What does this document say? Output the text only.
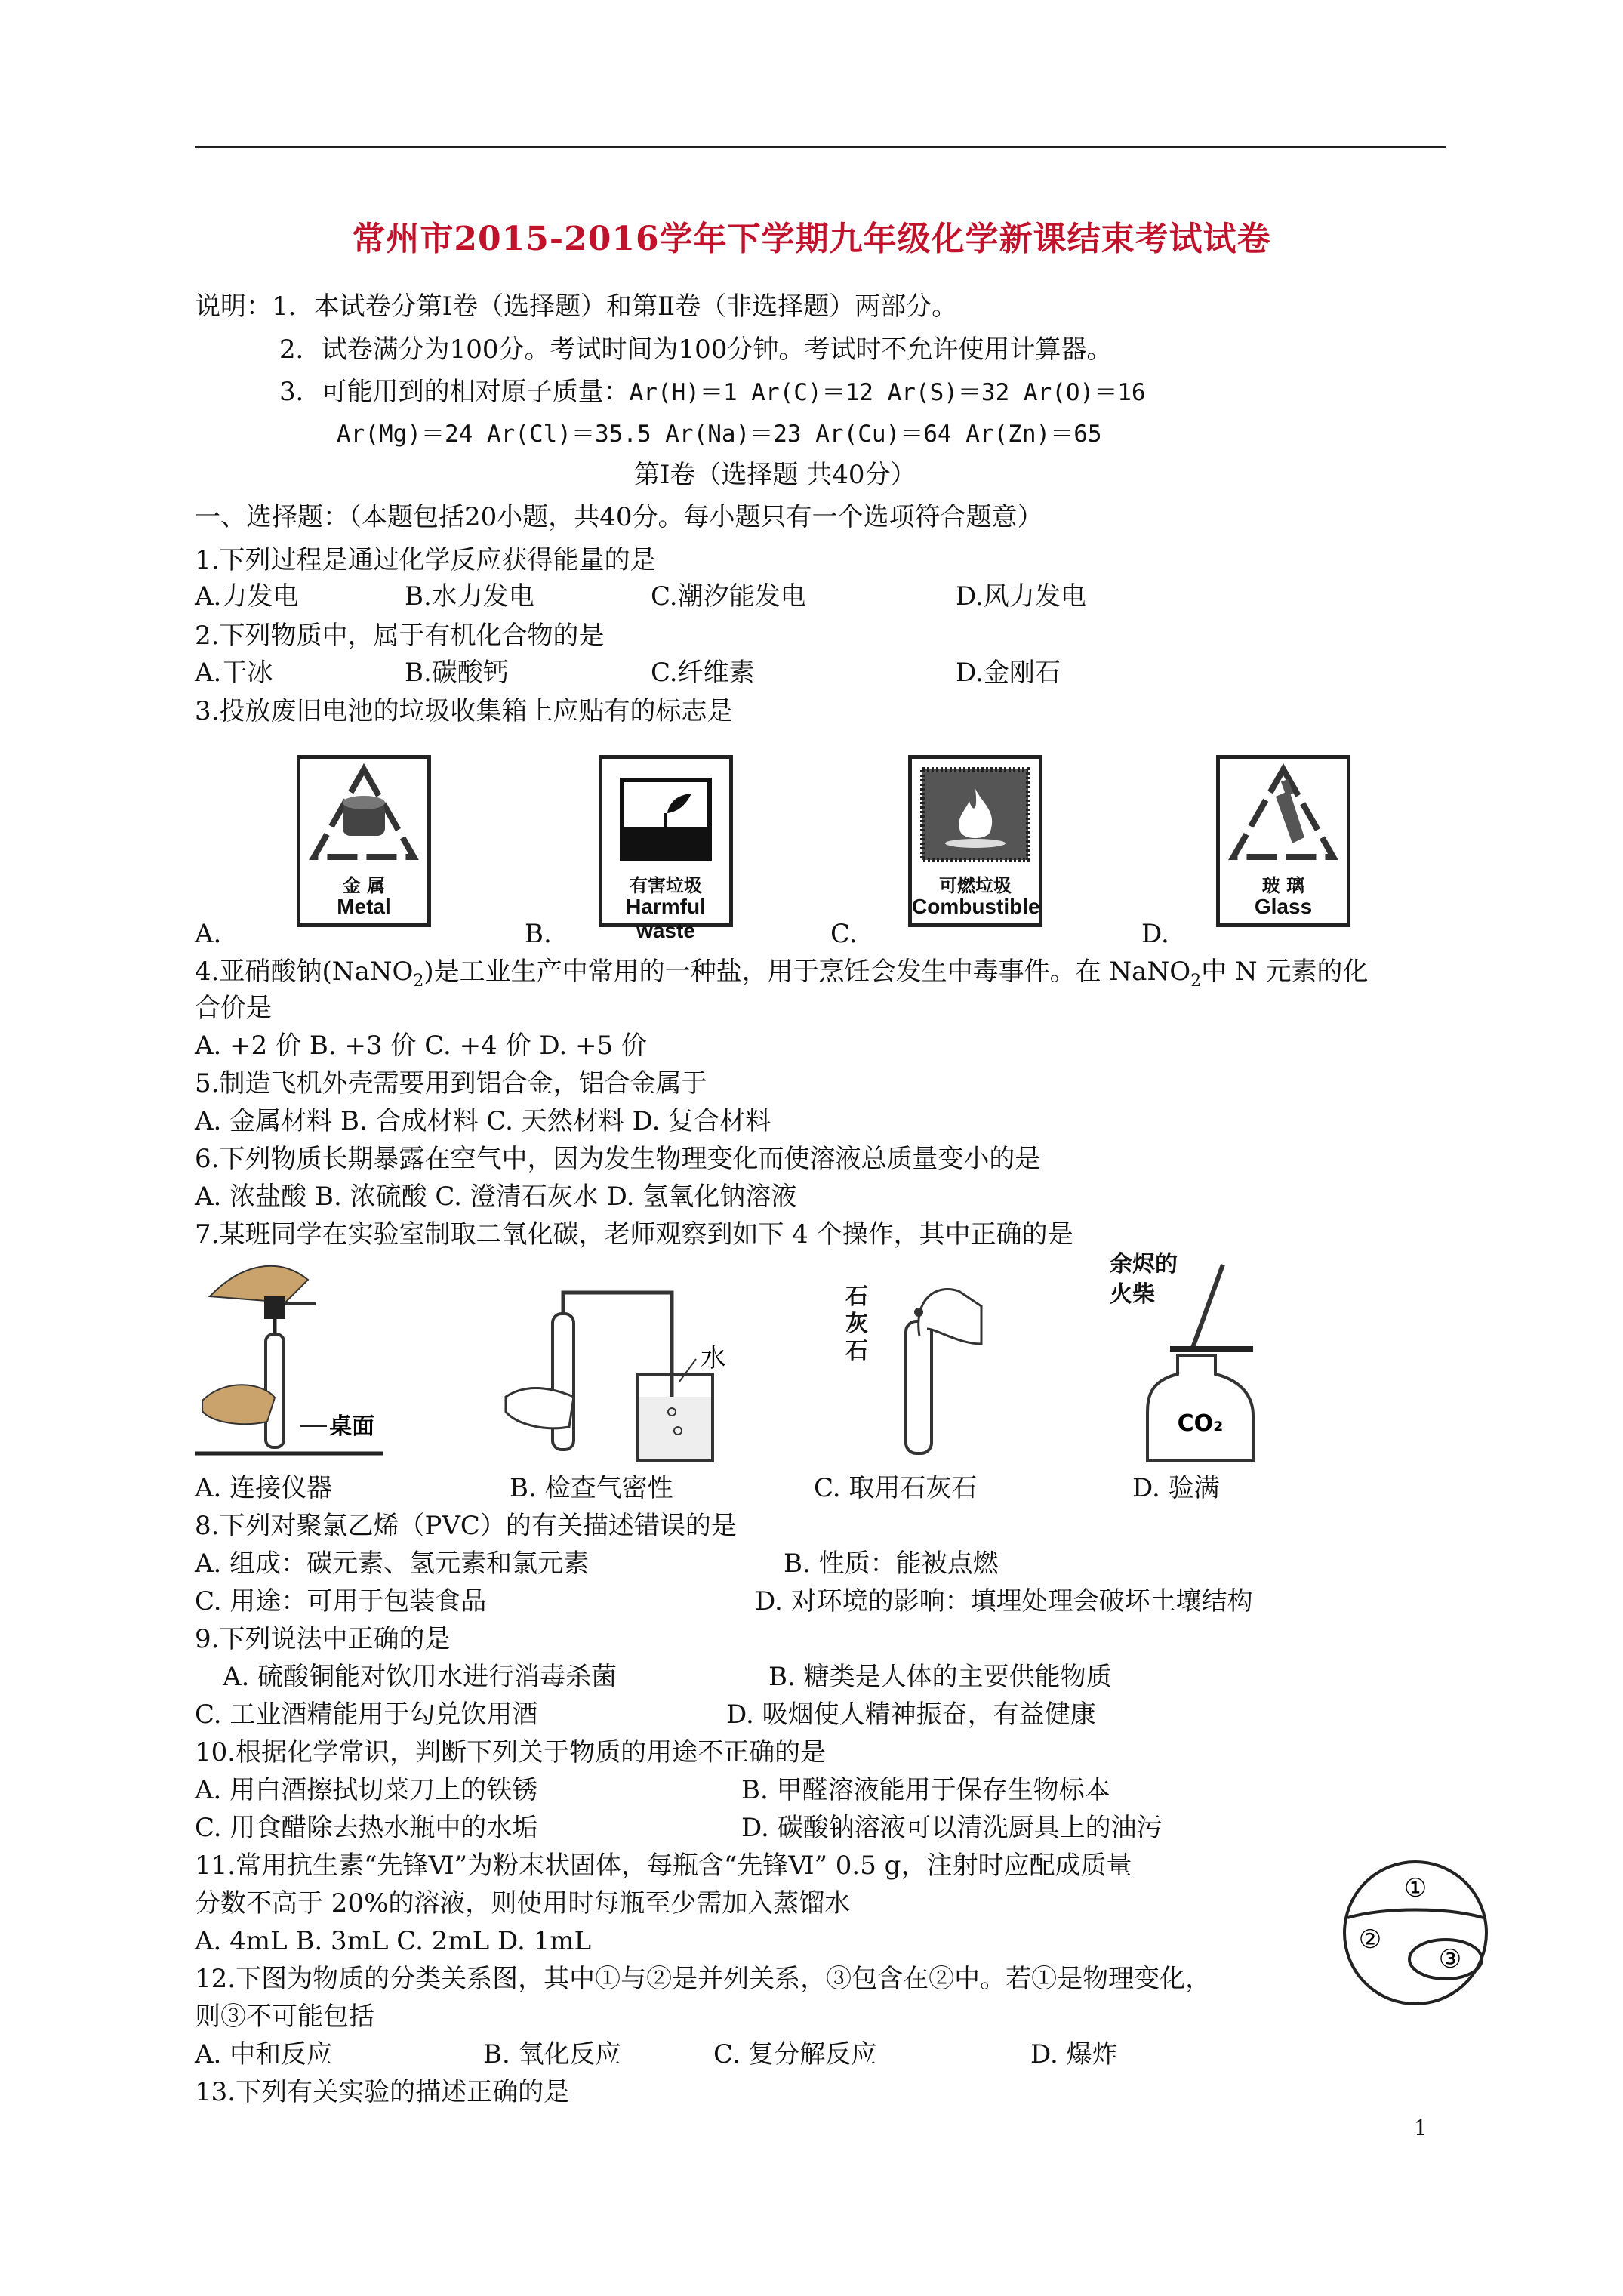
常州市2015-2016学年下学期九年级化学新课结束考试试卷
说明：1．本试卷分第Ⅰ卷（选择题）和第Ⅱ卷（非选择题）两部分。
2．试卷满分为100分。考试时间为100分钟。考试时不允许使用计算器。
3．可能用到的相对原子质量：Ar(H)＝1 Ar(C)＝12 Ar(S)＝32 Ar(O)＝16
Ar(Mg)＝24 Ar(Cl)＝35.5 Ar(Na)＝23 Ar(Cu)＝64 Ar(Zn)＝65
第Ⅰ卷（选择题 共40分）
一、选择题：（本题包括20小题，共40分。每小题只有一个选项符合题意）
1.下列过程是通过化学反应获得能量的是
A.力发电	B.水力发电	C.潮汐能发电	D.风力发电
2.下列物质中，属于有机化合物的是
A.干冰	B.碳酸钙	C.纤维素	D.金刚石
3.投放废旧电池的垃圾收集箱上应贴有的标志是
金 属
Metal
有害垃圾
Harmful waste
可燃垃圾
Combustible
玻 璃
Glass
A.	B.	C.	D.
4.亚硝酸钠(NaNO$_2$)是工业生产中常用的一种盐，用于烹饪会发生中毒事件。在 NaNO$_2$中 N 元素的化
合价是
A. +2 价 B. +3 价 C. +4 价 D. +5 价
5.制造飞机外壳需要用到铝合金，铝合金属于
A. 金属材料 B. 合成材料 C. 天然材料 D. 复合材料
6.下列物质长期暴露在空气中，因为发生物理变化而使溶液总质量变小的是
A. 浓盐酸 B. 浓硫酸 C. 澄清石灰水 D. 氢氧化钠溶液
7.某班同学在实验室制取二氧化碳，老师观察到如下 4 个操作，其中正确的是
桌面
水
石灰石
余烬的
火柴
CO₂
A. 连接仪器	B. 检查气密性	C. 取用石灰石	D. 验满
8.下列对聚氯乙烯（PVC）的有关描述错误的是
A. 组成：碳元素、氢元素和氯元素	B. 性质：能被点燃
C. 用途：可用于包装食品	D. 对环境的影响：填埋处理会破坏土壤结构
9.下列说法中正确的是
A. 硫酸铜能对饮用水进行消毒杀菌	B. 糖类是人体的主要供能物质
C. 工业酒精能用于勾兑饮用酒	D. 吸烟使人精神振奋，有益健康
10.根据化学常识，判断下列关于物质的用途不正确的是
A. 用白酒擦拭切菜刀上的铁锈	B. 甲醛溶液能用于保存生物标本
C. 用食醋除去热水瓶中的水垢	D. 碳酸钠溶液可以清洗厨具上的油污
11.常用抗生素“先锋Ⅵ”为粉末状固体，每瓶含“先锋Ⅵ” 0.5 g，注射时应配成质量
分数不高于 20%的溶液，则使用时每瓶至少需加入蒸馏水
A. 4mL B. 3mL C. 2mL D. 1mL
①
②
③
12.下图为物质的分类关系图，其中①与②是并列关系，③包含在②中。若①是物理变化，
则③不可能包括
A. 中和反应	B. 氧化反应	C. 复分解反应	D. 爆炸
13.下列有关实验的描述正确的是
1
